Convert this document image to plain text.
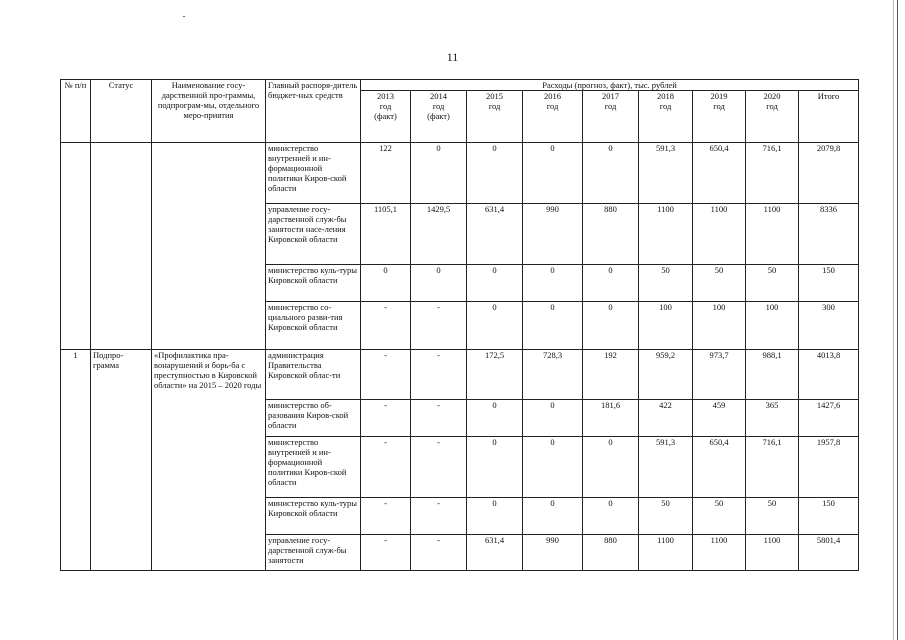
11
№ п/п	Статус	Наименование госу-дарственной про-граммы, подпрограм-мы, отдельного меро-приятия	Главный распоря-дитель бюджет-ных средств	Расходы (прогноз, факт), тыс. рублей								
				2013
год
(факт)	2014
год
(факт)	2015
год	2016
год	2017
год	2018
год	2019
год	2020
год	Итого
			министерство внутренней и ин-формационной политики Киров-ской области	122	0	0	0	0	591,3	650,4	716,1	2079,8
			управление госу-дарственной служ-бы занятости насе-ления Кировской области	1105,1	1429,5	631,4	990	880	1100	1100	1100	8336
			министерство куль-туры Кировской области	0	0	0	0	0	50	50	50	150
			министерство со-циального разви-тия Кировской области	-	-	0	0	0	100	100	100	300
1	Подпро-грамма	«Профилактика пра-вонарушений и борь-ба с преступностью в Кировской области» на 2015 – 2020 годы	администрация Правительства Кировской облас-ти	-	-	172,5	728,3	192	959,2	973,7	988,1	4013,8
			министерство об-разования Киров-ской области	-	-	0	0	181,6	422	459	365	1427,6
			министерство внутренней и ин-формационной политики Киров-ской области	-	-	0	0	0	591,3	650,4	716,1	1957,8
			министерство куль-туры Кировской области	-	-	0	0	0	50	50	50	150
			управление госу-дарственной служ-бы занятости	-	-	631,4	990	880	1100	1100	1100	5801,4
